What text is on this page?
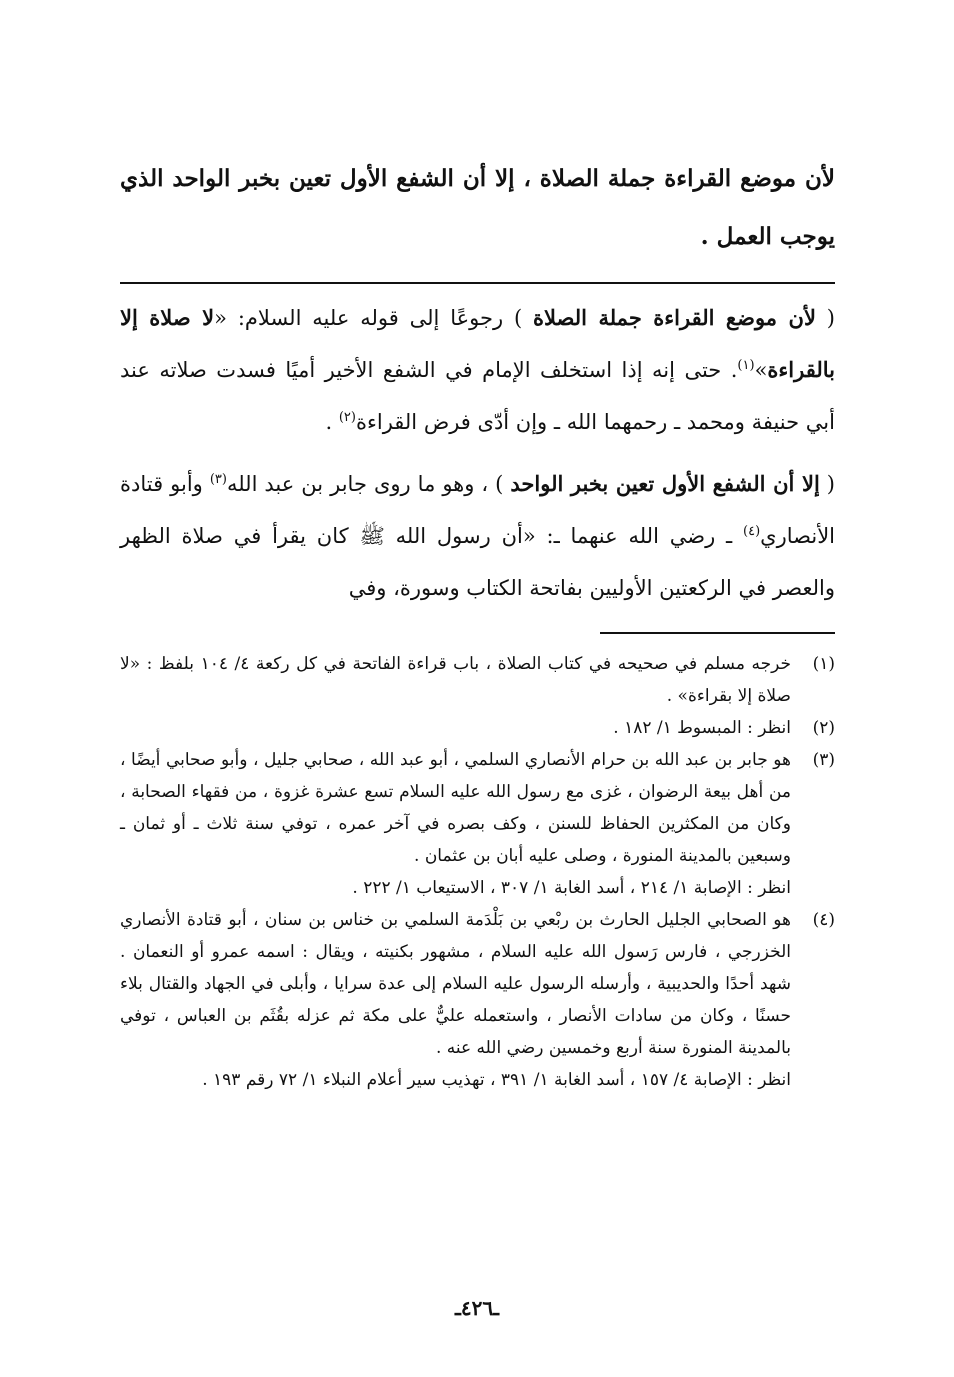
لأن موضع القراءة جملة الصلاة ، إلا أن الشفع الأول تعين بخبر الواحد الذي يوجب العمل .

( لأن موضع القراءة جملة الصلاة ) رجوعًا إلى قوله عليه السلام: «لا صلاة إلا بالقراءة»$^{(١)}$. حتى إنه إذا استخلف الإمام في الشفع الأخير أميًا فسدت صلاته عند أبي حنيفة ومحمد ـ رحمهما الله ـ وإن أدّى فرض القراءة$^{(٢)}$ .

( إلا أن الشفع الأول تعين بخبر الواحد ) ، وهو ما روى جابر بن عبد الله$^{(٣)}$ وأبو قتادة الأنصاري$^{(٤)}$ ـ رضي الله عنهما ـ: «أن رسول الله ﷺ كان يقرأ في صلاة الظهر والعصر في الركعتين الأوليين بفاتحة الكتاب وسورة، وفي

(١)

خرجه مسلم في صحيحه في كتاب الصلاة ، باب قراءة الفاتحة في كل ركعة ٤/ ١٠٤ بلفظ : «لا صلاة إلا بقراءة» .

(٢)

انظر : المبسوط ١/ ١٨٢ .

(٣)

هو جابر بن عبد الله بن حرام الأنصاري السلمي ، أبو عبد الله ، صحابي جليل ، وأبو صحابي أيضًا ، من أهل بيعة الرضوان ، غزى مع رسول الله عليه السلام تسع عشرة غزوة ، من فقهاء الصحابة ، وكان من المكثرين الحفاظ للسنن ، وكف بصره في آخر عمره ، توفي سنة ثلاث ـ أو ثمان ـ وسبعين بالمدينة المنورة ، وصلى عليه أبان بن عثمان .

انظر : الإصابة ١/ ٢١٤ ، أسد الغابة ١/ ٣٠٧ ، الاستيعاب ١/ ٢٢٢ .

(٤)

هو الصحابي الجليل الحارث بن ربْعي بن بَلْدَمة السلمي بن خناس بن سنان ، أبو قتادة الأنصاري الخزرجي ، فارس رَسول الله عليه السلام ، مشهور بكنيته ، ويقال : اسمه عمرو أو النعمان . شهد أحدًا والحديبية ، وأرسله الرسول عليه السلام إلى عدة سرايا ، وأبلى في الجهاد والقتال بلاء حسنًا ، وكان من سادات الأنصار ، واستعمله عليٌّ على مكة ثم عزله بقُثَم بن العباس ، توفي بالمدينة المنورة سنة أربع وخمسين رضي الله عنه .

انظر : الإصابة ٤/ ١٥٧ ، أسد الغابة ١/ ٣٩١ ، تهذيب سير أعلام النبلاء ١/ ٧٢ رقم ١٩٣ .

ـ٤٢٦ـ
